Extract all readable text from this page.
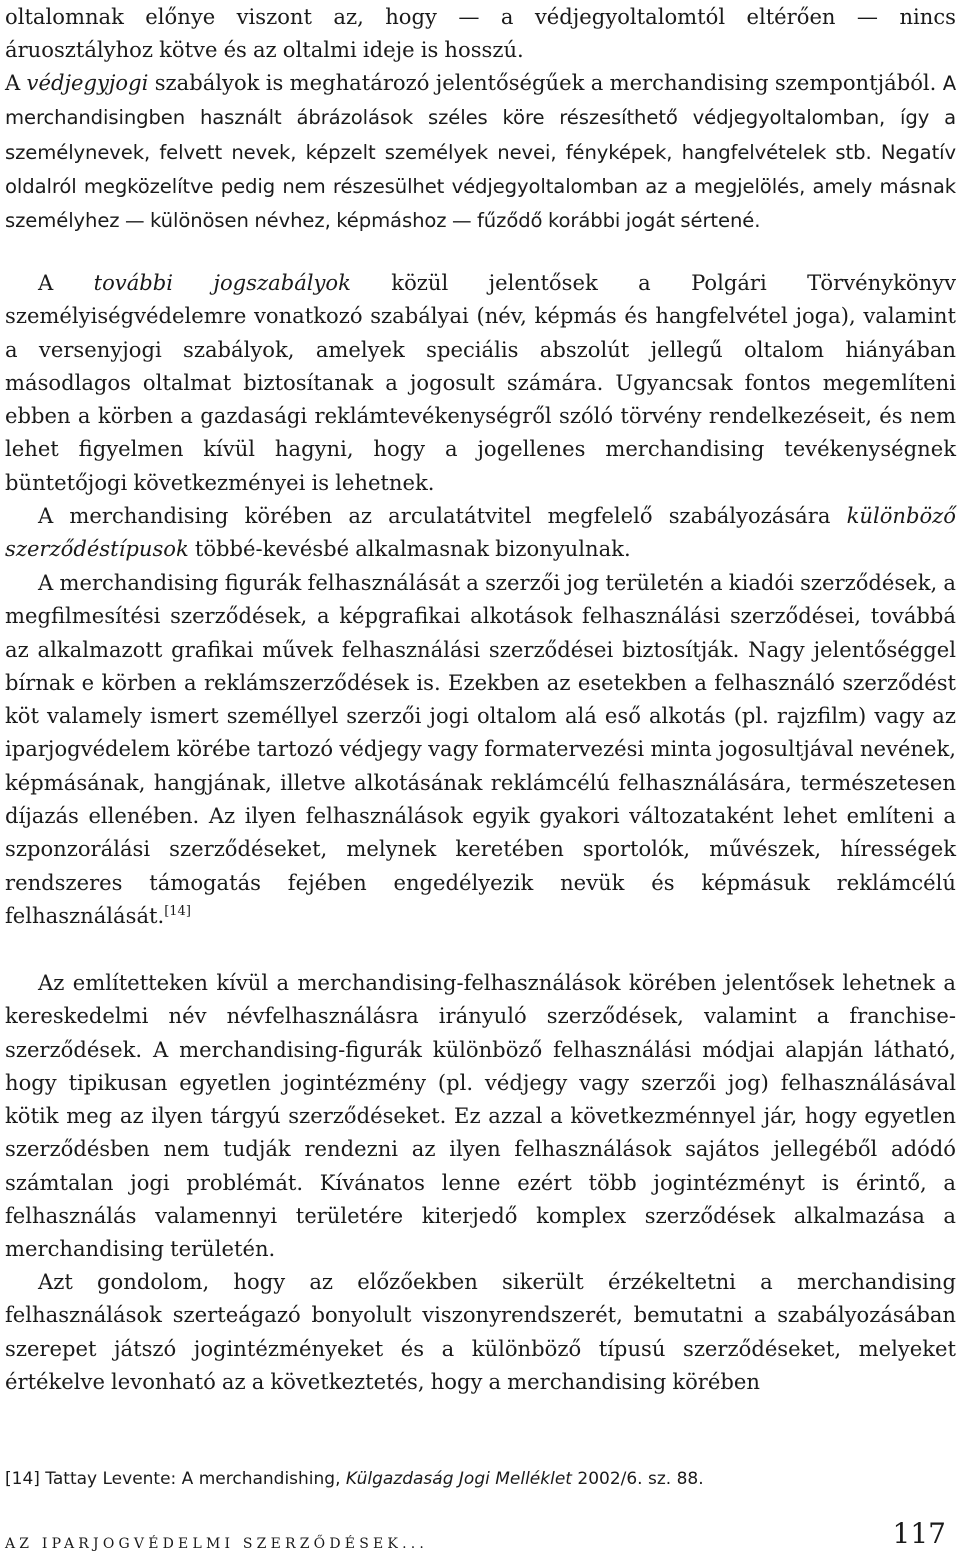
oltalomnak előnye viszont az, hogy — a védjegyoltalomtól eltérően — nincs áruosztályhoz kötve és az oltalmi ideje is hosszú.
A védjegyjogi szabályok is meghatározó jelentőségűek a merchandising szempontjából. A merchandisingben használt ábrázolások széles köre részesíthető védjegyoltalomban, így a személynevek, felvett nevek, képzelt személyek nevei, fényképek, hangfelvételek stb. Negatív oldalról megközelítve pedig nem részesülhet védjegyoltalomban az a megjelölés, amely másnak személyhez — különösen névhez, képmáshoz — fűződő korábbi jogát sértené.
A további jogszabályok közül jelentősek a Polgári Törvénykönyv személyiségvédelemre vonatkozó szabályai (név, képmás és hangfelvétel joga), valamint a versenyjogi szabályok, amelyek speciális abszolút jellegű oltalom hiányában másodlagos oltalmat biztosítanak a jogosult számára. Ugyancsak fontos megemlíteni ebben a körben a gazdasági reklámtevékenységről szóló törvény rendelkezéseit, és nem lehet figyelmen kívül hagyni, hogy a jogellenes merchandising tevékenységnek büntetőjogi következményei is lehetnek.
A merchandising körében az arculatátvitel megfelelő szabályozására különböző szerződéstípusok többé-kevésbé alkalmasnak bizonyulnak.
A merchandising figurák felhasználását a szerzői jog területén a kiadói szerződések, a megfilmesítési szerződések, a képgrafikai alkotások felhasználási szerződései, továbbá az alkalmazott grafikai művek felhasználási szerződései biztosítják. Nagy jelentőséggel bírnak e körben a reklámszerződések is. Ezekben az esetekben a felhasználó szerződést köt valamely ismert személlyel szerzői jogi oltalom alá eső alkotás (pl. rajzfilm) vagy az iparjogvédelem körébe tartozó védjegy vagy formatervezési minta jogosultjával nevének, képmásának, hangjának, illetve alkotásának reklámcélú felhasználására, természetesen díjazás ellenében. Az ilyen felhasználások egyik gyakori változataként lehet említeni a szponzorálási szerződéseket, melynek keretében sportolók, művészek, hírességek rendszeres támogatás fejében engedélyezik nevük és képmásuk reklámcélú felhasználását.[14]
Az említetteken kívül a merchandising-felhasználások körében jelentősek lehetnek a kereskedelmi név névfelhasználásra irányuló szerződések, valamint a franchise-szerződések. A merchandising-figurák különböző felhasználási módjai alapján látható, hogy tipikusan egyetlen jogintézmény (pl. védjegy vagy szerzői jog) felhasználásával kötik meg az ilyen tárgyú szerződéseket. Ez azzal a következménnyel jár, hogy egyetlen szerződésben nem tudják rendezni az ilyen felhasználások sajátos jellegéből adódó számtalan jogi problémát. Kívánatos lenne ezért több jogintézményt is érintő, a felhasználás valamennyi területére kiterjedő komplex szerződések alkalmazása a merchandising területén.
Azt gondolom, hogy az előzőekben sikerült érzékeltetni a merchandising felhasználások szerteágazó bonyolult viszonyrendszerét, bemutatni a szabályozásában szerepet játszó jogintézményeket és a különböző típusú szerződéseket, melyeket értékelve levonható az a következtetés, hogy a merchandising körében
[14] Tattay Levente: A merchandishing, Külgazdaság Jogi Melléklet 2002/6. sz. 88.
AZ IPARJOGVÉDELMI SZERZŐDÉSEK...	117
